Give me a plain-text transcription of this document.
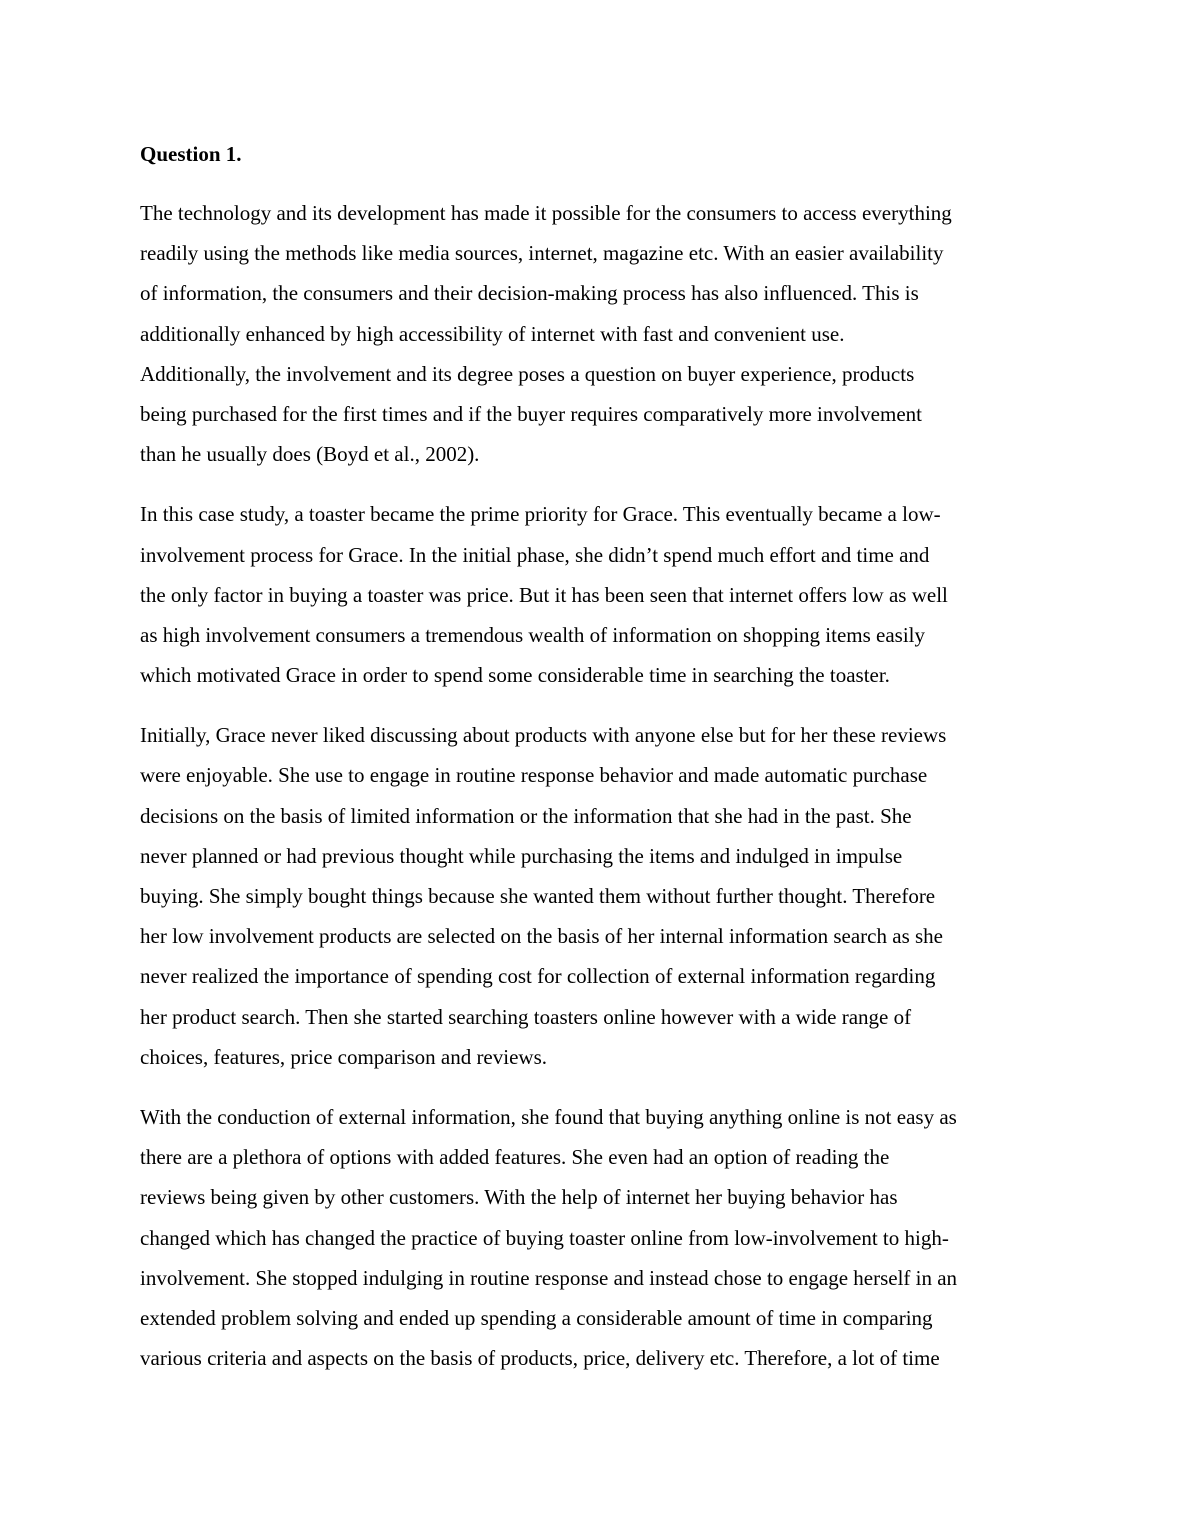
Question 1.
The technology and its development has made it possible for the consumers to access everything
readily using the methods like media sources, internet, magazine etc. With an easier availability
of information, the consumers and their decision-making process has also influenced. This is
additionally enhanced by high accessibility of internet with fast and convenient use.
Additionally, the involvement and its degree poses a question on buyer experience, products
being purchased for the first times and if the buyer requires comparatively more involvement
than he usually does (Boyd et al., 2002).
In this case study, a toaster became the prime priority for Grace. This eventually became a low-
involvement process for Grace. In the initial phase, she didn’t spend much effort and time and
the only factor in buying a toaster was price. But it has been seen that internet offers low as well
as high involvement consumers a tremendous wealth of information on shopping items easily
which motivated Grace in order to spend some considerable time in searching the toaster.
Initially, Grace never liked discussing about products with anyone else but for her these reviews
were enjoyable. She use to engage in routine response behavior and made automatic purchase
decisions on the basis of limited information or the information that she had in the past. She
never planned or had previous thought while purchasing the items and indulged in impulse
buying. She simply bought things because she wanted them without further thought. Therefore
her low involvement products are selected on the basis of her internal information search as she
never realized the importance of spending cost for collection of external information regarding
her product search. Then she started searching toasters online however with a wide range of
choices, features, price comparison and reviews.
With the conduction of external information, she found that buying anything online is not easy as
there are a plethora of options with added features. She even had an option of reading the
reviews being given by other customers. With the help of internet her buying behavior has
changed which has changed the practice of buying toaster online from low-involvement to high-
involvement. She stopped indulging in routine response and instead chose to engage herself in an
extended problem solving and ended up spending a considerable amount of time in comparing
various criteria and aspects on the basis of products, price, delivery etc. Therefore, a lot of time
